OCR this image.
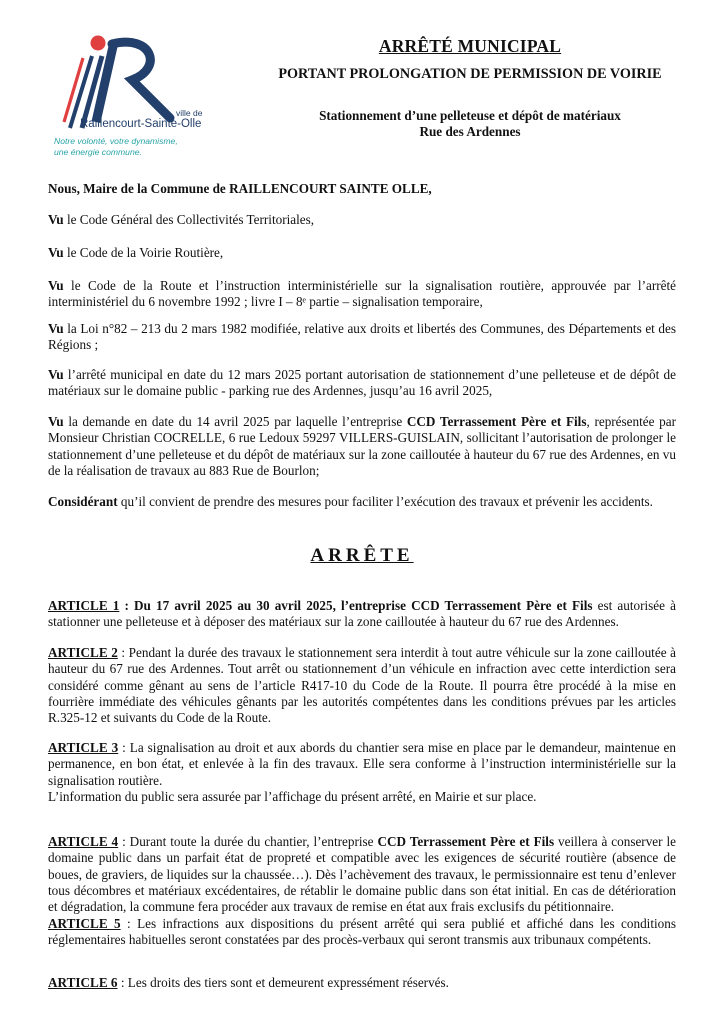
ville de
Raillencourt-Sainte-Olle
Notre volonté, votre dynamisme,
une énergie commune.
ARRÊTÉ MUNICIPAL
PORTANT PROLONGATION DE PERMISSION DE VOIRIE
Stationnement d’une pelleteuse et dépôt de matériaux
Rue des Ardennes
Nous, Maire de la Commune de RAILLENCOURT SAINTE OLLE,
Vu le Code Général des Collectivités Territoriales,
Vu le Code de la Voirie Routière,
Vu le Code de la Route et l’instruction interministérielle sur la signalisation routière, approuvée par l’arrêté interministériel du 6 novembre 1992 ; livre I – 8ᵉ partie – signalisation temporaire,
Vu la Loi n°82 – 213 du 2 mars 1982 modifiée, relative aux droits et libertés des Communes, des Départements et des Régions ;
Vu l’arrêté municipal en date du 12 mars 2025 portant autorisation de stationnement d’une pelleteuse et de dépôt de matériaux sur le domaine public - parking rue des Ardennes, jusqu’au 16 avril 2025,
Vu la demande en date du 14 avril 2025 par laquelle l’entreprise CCD Terrassement Père et Fils, représentée par Monsieur Christian COCRELLE, 6 rue Ledoux 59297 VILLERS-GUISLAIN, sollicitant l’autorisation de prolonger le stationnement d’une pelleteuse et du dépôt de matériaux sur la zone cailloutée à hauteur du 67 rue des Ardennes, en vu de la réalisation de travaux au 883 Rue de Bourlon;
Considérant qu’il convient de prendre des mesures pour faciliter l’exécution des travaux et prévenir les accidents.
ARRÊTE
ARTICLE 1 : Du 17 avril 2025 au 30 avril 2025, l’entreprise CCD Terrassement Père et Fils est autorisée à stationner une pelleteuse et à déposer des matériaux sur la zone cailloutée à hauteur du 67 rue des Ardennes.
ARTICLE 2 : Pendant la durée des travaux le stationnement sera interdit à tout autre véhicule sur la zone cailloutée à hauteur du 67 rue des Ardennes. Tout arrêt ou stationnement d’un véhicule en infraction avec cette interdiction sera considéré comme gênant au sens de l’article R417-10 du Code de la Route. Il pourra être procédé à la mise en fourrière immédiate des véhicules gênants par les autorités compétentes dans les conditions prévues par les articles R.325-12 et suivants du Code de la Route.
ARTICLE 3 : La signalisation au droit et aux abords du chantier sera mise en place par le demandeur, maintenue en permanence, en bon état, et enlevée à la fin des travaux. Elle sera conforme à l’instruction interministérielle sur la signalisation routière.
L’information du public sera assurée par l’affichage du présent arrêté, en Mairie et sur place.
ARTICLE 4 : Durant toute la durée du chantier, l’entreprise CCD Terrassement Père et Fils veillera à conserver le domaine public dans un parfait état de propreté et compatible avec les exigences de sécurité routière (absence de boues, de graviers, de liquides sur la chaussée…). Dès l’achèvement des travaux, le permissionnaire est tenu d’enlever tous décombres et matériaux excédentaires, de rétablir le domaine public dans son état initial. En cas de détérioration et dégradation, la commune fera procéder aux travaux de remise en état aux frais exclusifs du pétitionnaire.
ARTICLE 5 : Les infractions aux dispositions du présent arrêté qui sera publié et affiché dans les conditions réglementaires habituelles seront constatées par des procès-verbaux qui seront transmis aux tribunaux compétents.
ARTICLE 6 : Les droits des tiers sont et demeurent expressément réservés.
